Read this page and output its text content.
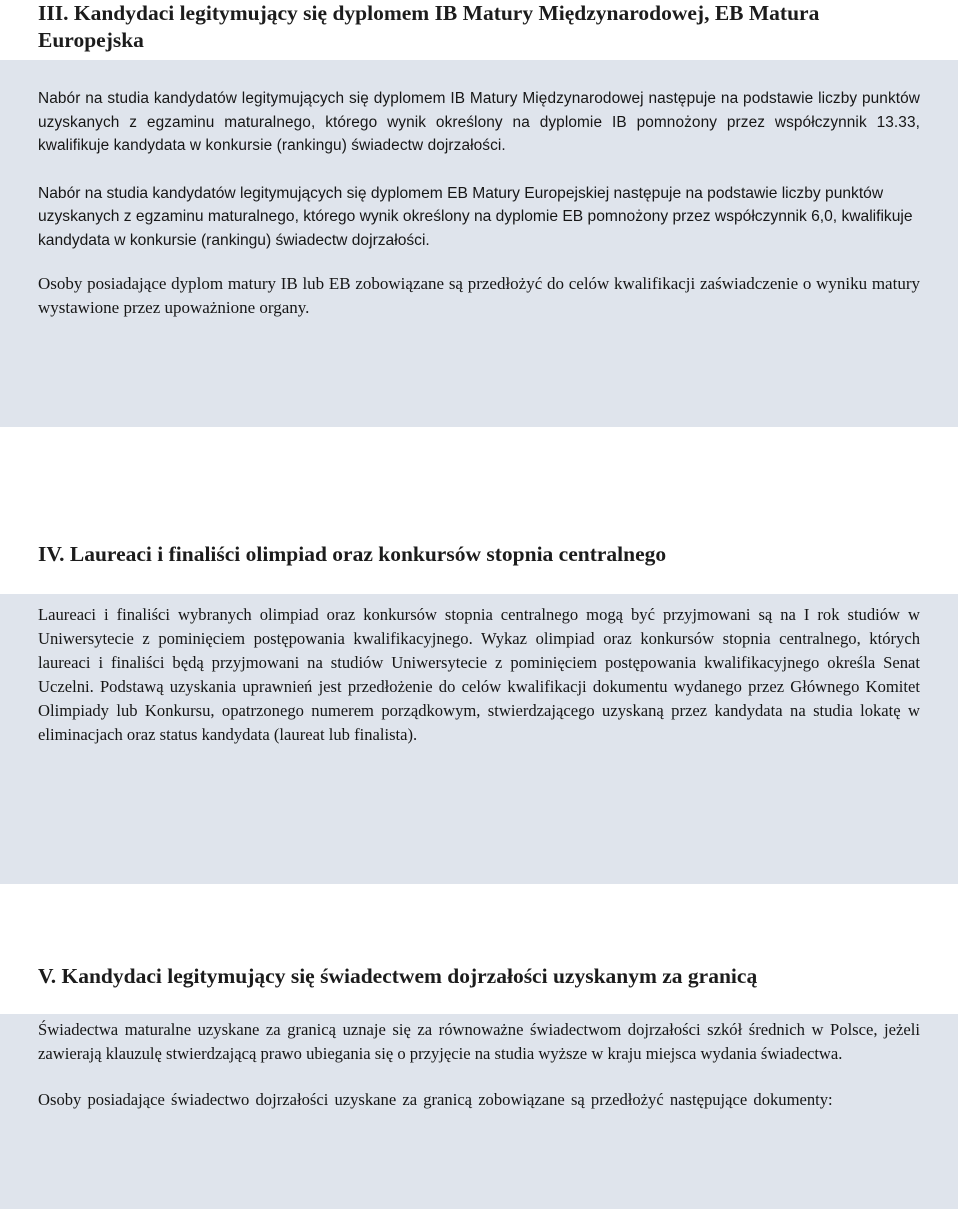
III. Kandydaci legitymujący się dyplomem IB Matury Międzynarodowej, EB Matura Europejska

Nabór na studia kandydatów legitymujących się dyplomem IB Matury Międzynarodowej następuje na podstawie liczby punktów uzyskanych z egzaminu maturalnego, którego wynik określony na dyplomie IB pomnożony przez współczynnik 13.33, kwalifikuje kandydata w konkursie (rankingu) świadectw dojrzałości.

Nabór na studia kandydatów legitymujących się dyplomem EB Matury Europejskiej następuje na podstawie liczby punktów uzyskanych z egzaminu maturalnego, którego wynik określony na dyplomie EB pomnożony przez współczynnik 6,0, kwalifikuje kandydata w konkursie (rankingu) świadectw dojrzałości.

Osoby posiadające dyplom matury IB lub EB zobowiązane są przedłożyć do celów kwalifikacji zaświadczenie o wyniku matury wystawione przez upoważnione organy.

IV. Laureaci i finaliści olimpiad oraz konkursów stopnia centralnego

Laureaci i finaliści wybranych olimpiad oraz konkursów stopnia centralnego mogą być przyjmowani są na I rok studiów w Uniwersytecie z pominięciem postępowania kwalifikacyjnego. Wykaz olimpiad oraz konkursów stopnia centralnego, których laureaci i finaliści będą przyjmowani na studiów Uniwersytecie z pominięciem postępowania kwalifikacyjnego określa Senat Uczelni. Podstawą uzyskania uprawnień jest przedłożenie do celów kwalifikacji dokumentu wydanego przez Głównego Komitet Olimpiady lub Konkursu, opatrzonego numerem porządkowym, stwierdzającego uzyskaną przez kandydata na studia lokatę w eliminacjach oraz status kandydata (laureat lub finalista).

V. Kandydaci legitymujący się świadectwem dojrzałości uzyskanym za granicą

Świadectwa maturalne uzyskane za granicą uznaje się za równoważne świadectwom dojrzałości szkół średnich w Polsce, jeżeli zawierają klauzulę stwierdzającą prawo ubiegania się o przyjęcie na studia wyższe w kraju miejsca wydania świadectwa.

Osoby posiadające świadectwo dojrzałości uzyskane za granicą zobowiązane są przedłożyć następujące dokumenty:
